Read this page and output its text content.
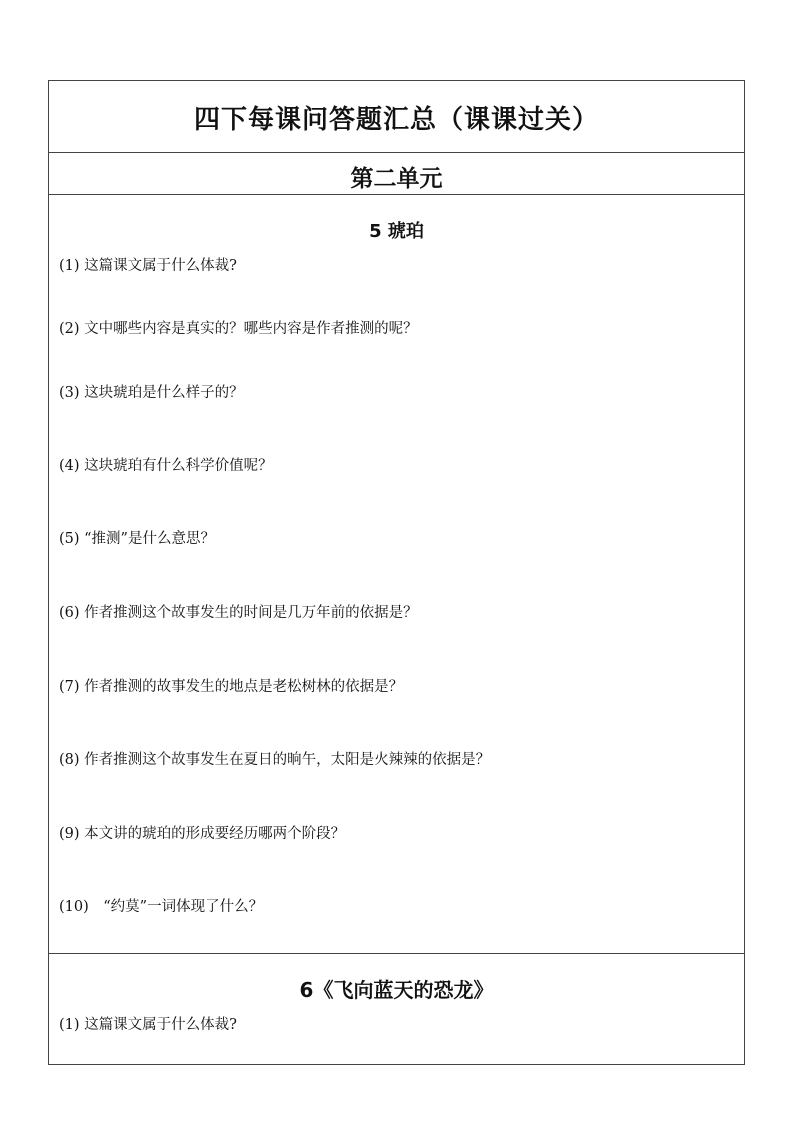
四下每课问答题汇总（课课过关）
第二单元
5 琥珀
(1) 这篇课文属于什么体裁?
(2) 文中哪些内容是真实的？哪些内容是作者推测的呢？
(3) 这块琥珀是什么样子的？
(4) 这块琥珀有什么科学价值呢？
(5) “推测”是什么意思？
(6) 作者推测这个故事发生的时间是几万年前的依据是？
(7) 作者推测的故事发生的地点是老松树林的依据是？
(8) 作者推测这个故事发生在夏日的晌午，太阳是火辣辣的依据是？
(9) 本文讲的琥珀的形成要经历哪两个阶段？
(10)　“约莫”一词体现了什么？
6《飞向蓝天的恐龙》
(1) 这篇课文属于什么体裁?
